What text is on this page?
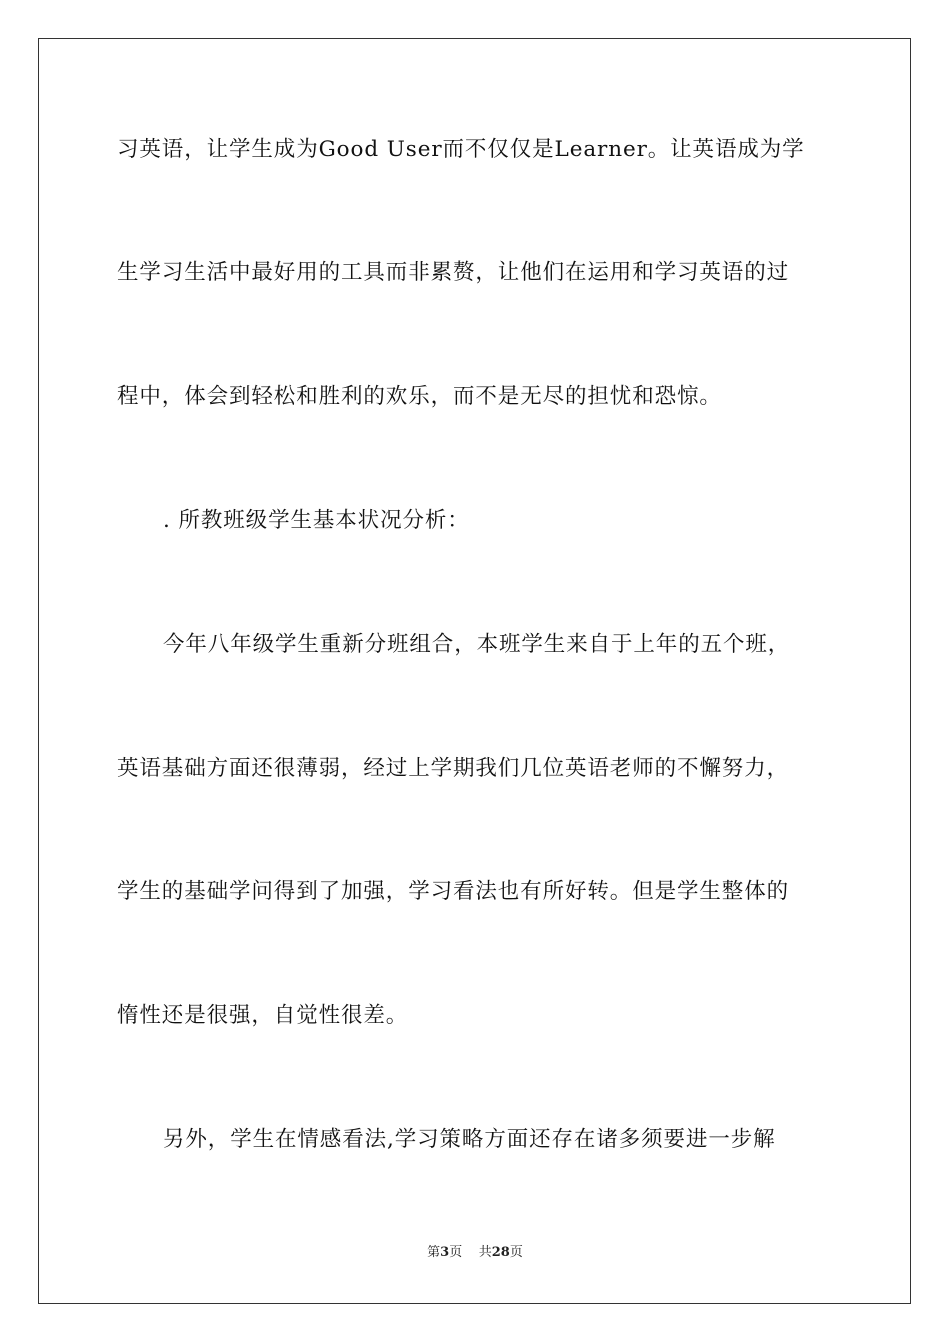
习英语，让学生成为Good User而不仅仅是Learner。让英语成为学
生学习生活中最好用的工具而非累赘，让他们在运用和学习英语的过
程中，体会到轻松和胜利的欢乐，而不是无尽的担忧和恐惊。
. 所教班级学生基本状况分析：
今年八年级学生重新分班组合，本班学生来自于上年的五个班，
英语基础方面还很薄弱，经过上学期我们几位英语老师的不懈努力，
学生的基础学问得到了加强，学习看法也有所好转。但是学生整体的
惰性还是很强，自觉性很差。
另外，学生在情感看法,学习策略方面还存在诸多须要进一步解
第3页 共28页
